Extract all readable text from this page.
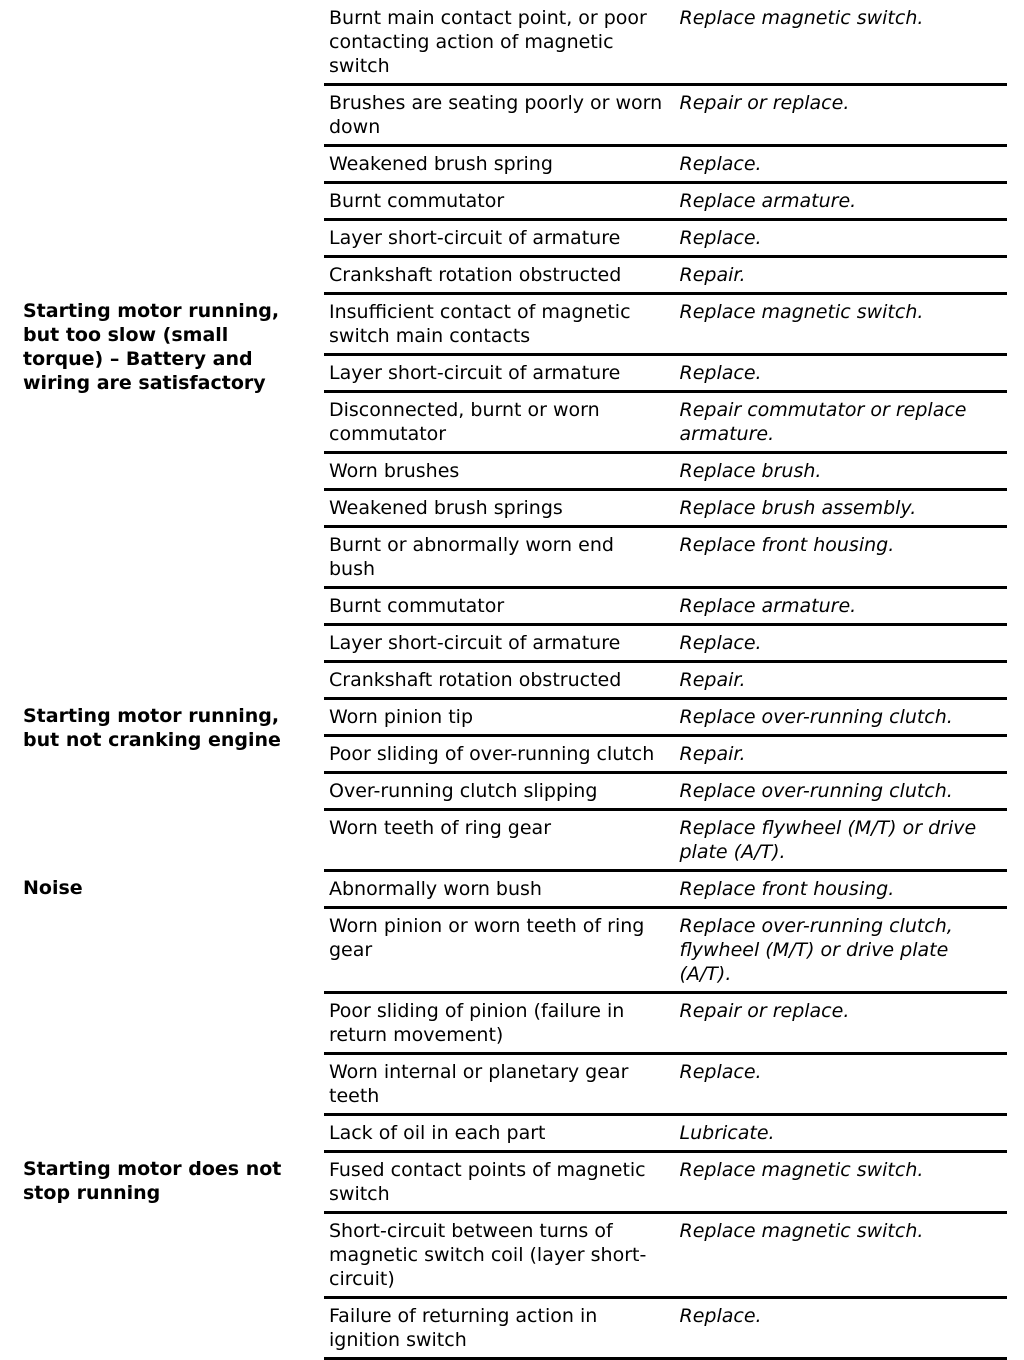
	Burnt main contact point, or poor contacting action of magnetic switch	Replace magnetic switch.
	Brushes are seating poorly or worn down	Repair or replace.
	Weakened brush spring	Replace.
	Burnt commutator	Replace armature.
	Layer short-circuit of armature	Replace.
	Crankshaft rotation obstructed	Repair.
Starting motor running, but too slow (small torque) – Battery and wiring are satisfactory	Insufficient contact of magnetic switch main contacts	Replace magnetic switch.
	Layer short-circuit of armature	Replace.
	Disconnected, burnt or worn commutator	Repair commutator or replace armature.
	Worn brushes	Replace brush.
	Weakened brush springs	Replace brush assembly.
	Burnt or abnormally worn end bush	Replace front housing.
	Burnt commutator	Replace armature.
	Layer short-circuit of armature	Replace.
	Crankshaft rotation obstructed	Repair.
Starting motor running, but not cranking engine	Worn pinion tip	Replace over-running clutch.
	Poor sliding of over-running clutch	Repair.
	Over-running clutch slipping	Replace over-running clutch.
	Worn teeth of ring gear	Replace flywheel (M/T) or drive plate (A/T).
Noise	Abnormally worn bush	Replace front housing.
	Worn pinion or worn teeth of ring gear	Replace over-running clutch, flywheel (M/T) or drive plate (A/T).
	Poor sliding of pinion (failure in return movement)	Repair or replace.
	Worn internal or planetary gear teeth	Replace.
	Lack of oil in each part	Lubricate.
Starting motor does not stop running	Fused contact points of magnetic switch	Replace magnetic switch.
	Short-circuit between turns of magnetic switch coil (layer short-circuit)	Replace magnetic switch.
	Failure of returning action in ignition switch	Replace.
